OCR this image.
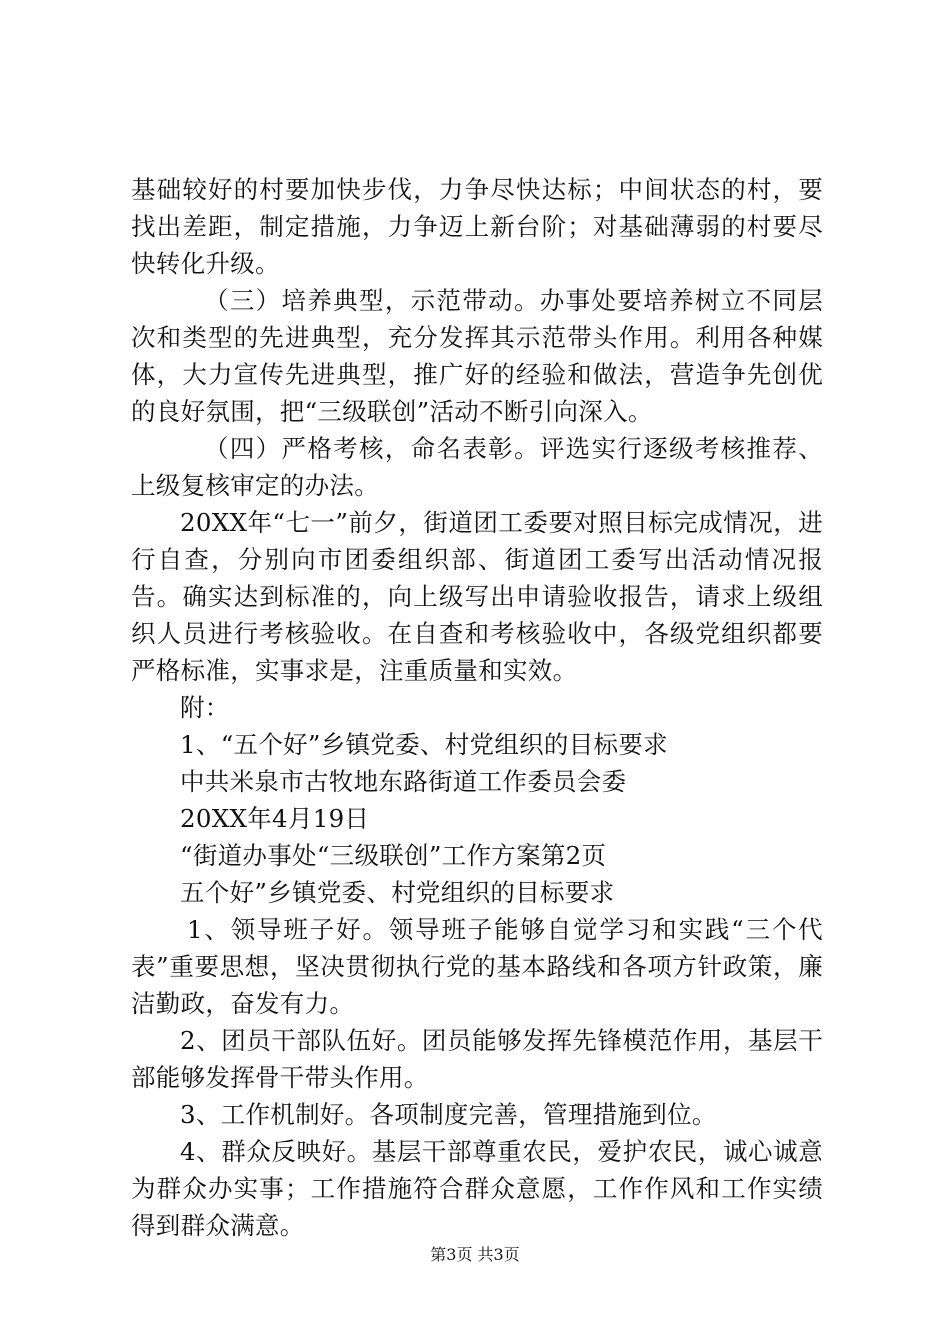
基础较好的村要加快步伐，力争尽快达标；中间状态的村，要找出差距，制定措施，力争迈上新台阶；对基础薄弱的村要尽快转化升级。

（三）培养典型，示范带动。办事处要培养树立不同层次和类型的先进典型，充分发挥其示范带头作用。利用各种媒体，大力宣传先进典型，推广好的经验和做法，营造争先创优的良好氛围，把“三级联创”活动不断引向深入。

（四）严格考核，命名表彰。评选实行逐级考核推荐、上级复核审定的办法。

20XX年“七一”前夕，街道团工委要对照目标完成情况，进行自查，分别向市团委组织部、街道团工委写出活动情况报告。确实达到标准的，向上级写出申请验收报告，请求上级组织人员进行考核验收。在自查和考核验收中，各级党组织都要严格标准，实事求是，注重质量和实效。

附：

1、“五个好”乡镇党委、村党组织的目标要求

中共米泉市古牧地东路街道工作委员会委

20XX年4月19日

“街道办事处“三级联创”工作方案第2页

五个好”乡镇党委、村党组织的目标要求

1、领导班子好。领导班子能够自觉学习和实践“三个代表”重要思想，坚决贯彻执行党的基本路线和各项方针政策，廉洁勤政，奋发有力。

2、团员干部队伍好。团员能够发挥先锋模范作用，基层干部能够发挥骨干带头作用。

3、工作机制好。各项制度完善，管理措施到位。

4、群众反映好。基层干部尊重农民，爱护农民，诚心诚意为群众办实事；工作措施符合群众意愿，工作作风和工作实绩得到群众满意。

第3页 共3页
